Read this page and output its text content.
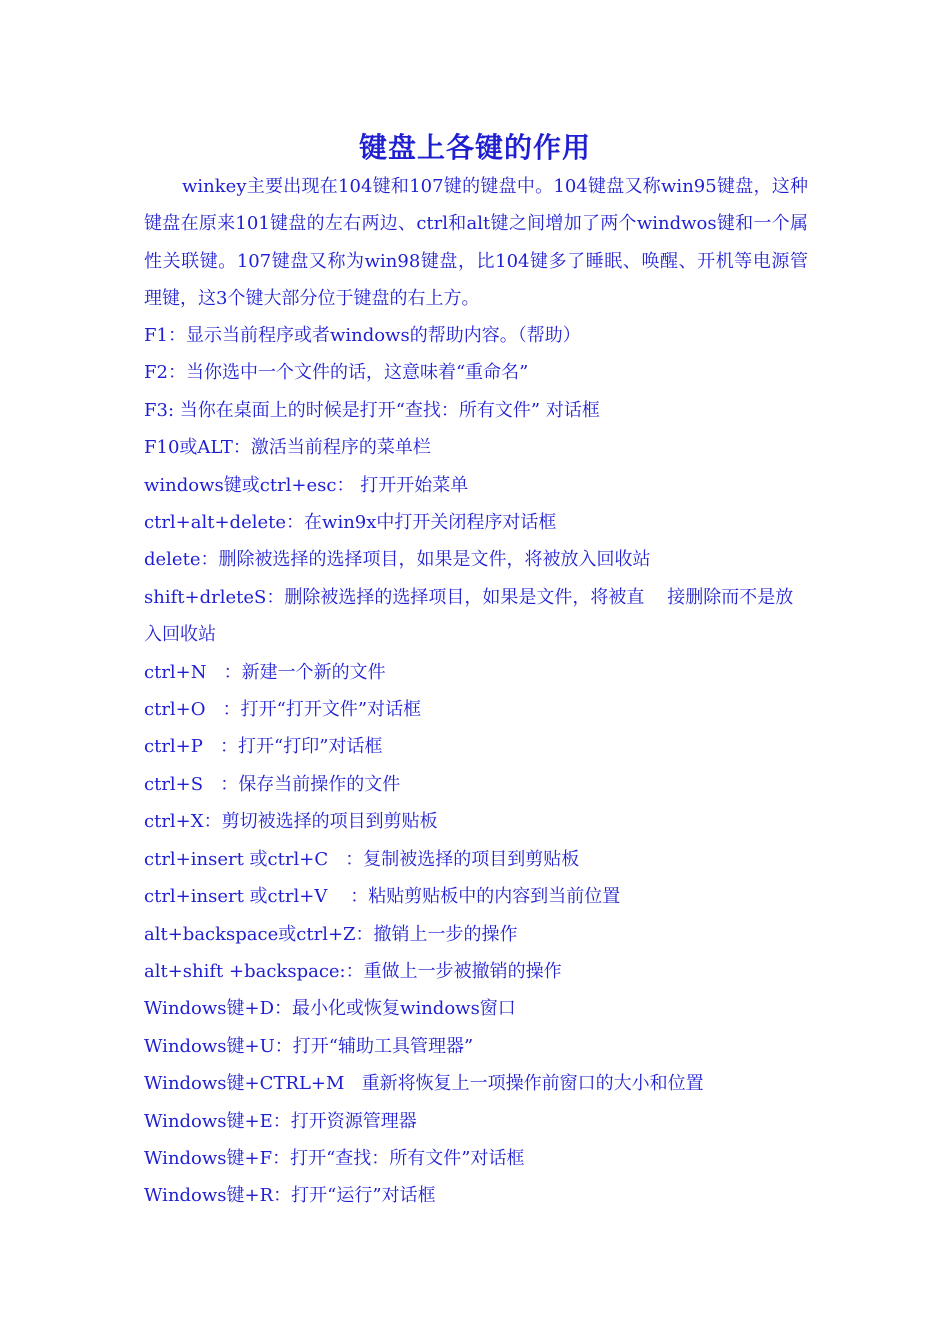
键盘上各键的作用

winkey主要出现在104键和107键的键盘中。104键盘又称win95键盘，这种键盘在原来101键盘的左右两边、ctrl和alt键之间增加了两个windwos键和一个属性关联键。107键盘又称为win98键盘，比104键多了睡眠、唤醒、开机等电源管理键，这3个键大部分位于键盘的右上方。

F1：显示当前程序或者windows的帮助内容。（帮助）
F2：当你选中一个文件的话，这意味着“重命名”
F3: 当你在桌面上的时候是打开“查找：所有文件” 对话框
F10或ALT：激活当前程序的菜单栏
windows键或ctrl+esc： 打开开始菜单
ctrl+alt+delete：在win9x中打开关闭程序对话框
delete：删除被选择的选择项目，如果是文件，将被放入回收站
shift+drleteS：删除被选择的选择项目，如果是文件，将被直    接删除而不是放入回收站
ctrl+N   ：新建一个新的文件
ctrl+O   ：打开“打开文件”对话框
ctrl+P   ：打开“打印”对话框
ctrl+S   ：保存当前操作的文件
ctrl+X：剪切被选择的项目到剪贴板
ctrl+insert 或ctrl+C   ：复制被选择的项目到剪贴板
ctrl+insert 或ctrl+V    ：粘贴剪贴板中的内容到当前位置
alt+backspace或ctrl+Z：撤销上一步的操作
alt+shift +backspace:：重做上一步被撤销的操作
Windows键+D：最小化或恢复windows窗口
Windows键+U：打开“辅助工具管理器”
Windows键+CTRL+M   重新将恢复上一项操作前窗口的大小和位置
Windows键+E：打开资源管理器
Windows键+F：打开“查找：所有文件”对话框
Windows键+R：打开“运行”对话框
